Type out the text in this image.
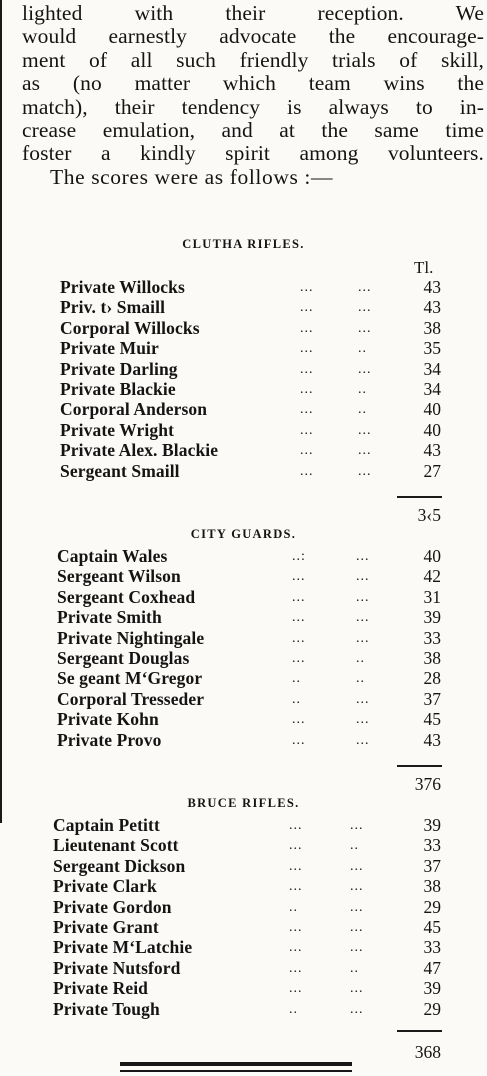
lighted with their reception. We
would earnestly advocate the encourage-
ment of all such friendly trials of skill,
as (no matter which team wins the
match), their tendency is always to in-
crease emulation, and at the same time
foster a kindly spirit among volunteers.
The scores were as follows :—
Tl.
CLUTHA RIFLES.
Private Willocks	...	...	43
Priv. t› Smaill	...	...	43
Corporal Willocks	...	...	38
Private Muir	...	..	35
Private Darling	...	...	34
Private Blackie	...	..	34
Corporal Anderson	...	..	40
Private Wright	...	...	40
Private Alex. Blackie	...	...	43
Sergeant Smaill	...	...	27
3‹5
CITY GUARDS.
Captain Wales	..:	...	40
Sergeant Wilson	...	...	42
Sergeant Coxhead	...	...	31
Private Smith	...	...	39
Private Nightingale	...	...	33
Sergeant Douglas	...	..	38
Se geant M‘Gregor	..	..	28
Corporal Tresseder	..	...	37
Private Kohn	...	...	45
Private Provo	...	...	43
376
BRUCE RIFLES.
Captain Petitt	...	...	39
Lieutenant Scott	...	..	33
Sergeant Dickson	...	...	37
Private Clark	...	...	38
Private Gordon	..	...	29
Private Grant	...	...	45
Private M‘Latchie	...	...	33
Private Nutsford	...	..	47
Private Reid	...	...	39
Private Tough	..	...	29
368
